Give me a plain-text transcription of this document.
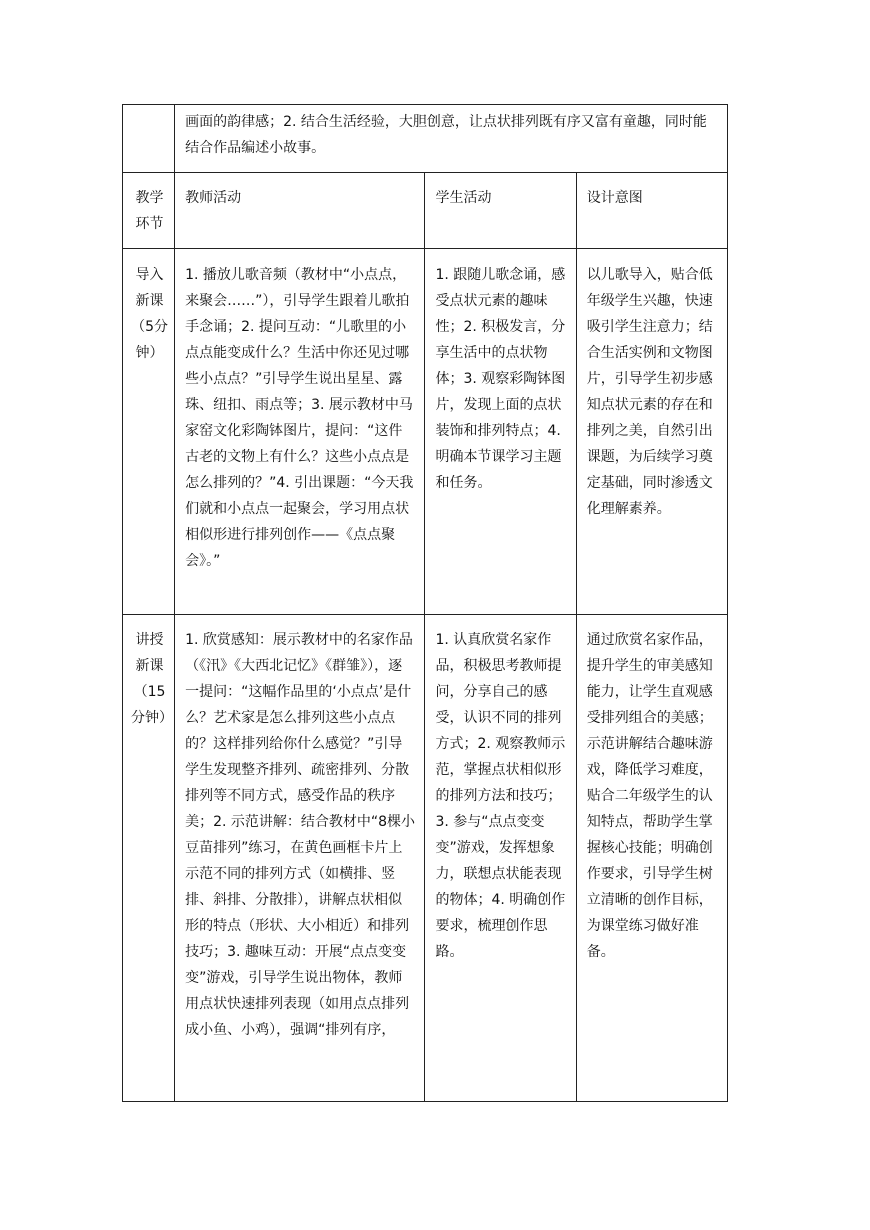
	画面的韵律感；2. 结合生活经验，大胆创意，让点状排列既有序又富有童趣，同时能结合作品编述小故事。		

教学环节	教师活动	学生活动	设计意图

导入新课（5分钟）	1. 播放儿歌音频（教材中“小点点，来聚会……”），引导学生跟着儿歌拍手念诵；2. 提问互动：“儿歌里的小点点能变成什么？生活中你还见过哪些小点点？”引导学生说出星星、露珠、纽扣、雨点等；3. 展示教材中马家窑文化彩陶钵图片，提问：“这件古老的文物上有什么？这些小点点是怎么排列的？”4. 引出课题：“今天我们就和小点点一起聚会，学习用点状相似形进行排列创作——《点点聚会》。”	1. 跟随儿歌念诵，感受点状元素的趣味性；2. 积极发言，分享生活中的点状物体；3. 观察彩陶钵图片，发现上面的点状装饰和排列特点；4. 明确本节课学习主题和任务。	以儿歌导入，贴合低年级学生兴趣，快速吸引学生注意力；结合生活实例和文物图片，引导学生初步感知点状元素的存在和排列之美，自然引出课题，为后续学习奠定基础，同时渗透文化理解素养。

讲授新课（15分钟）	1. 欣赏感知：展示教材中的名家作品（《汛》《大西北记忆》《群雏》），逐一提问：“这幅作品里的‘小点点’是什么？艺术家是怎么排列这些小点点的？这样排列给你什么感觉？”引导学生发现整齐排列、疏密排列、分散排列等不同方式，感受作品的秩序美；2. 示范讲解：结合教材中“8棵小豆苗排列”练习，在黄色画框卡片上示范不同的排列方式（如横排、竖排、斜排、分散排），讲解点状相似形的特点（形状、大小相近）和排列技巧；3. 趣味互动：开展“点点变变变”游戏，引导学生说出物体，教师用点状快速排列表现（如用点点排列成小鱼、小鸡），强调“排列有序，	1. 认真欣赏名家作品，积极思考教师提问，分享自己的感受，认识不同的排列方式；2. 观察教师示范，掌握点状相似形的排列方法和技巧；3. 参与“点点变变变”游戏，发挥想象力，联想点状能表现的物体；4. 明确创作要求，梳理创作思路。	通过欣赏名家作品，提升学生的审美感知能力，让学生直观感受排列组合的美感；示范讲解结合趣味游戏，降低学习难度，贴合二年级学生的认知特点，帮助学生掌握核心技能；明确创作要求，引导学生树立清晰的创作目标，为课堂练习做好准备。
